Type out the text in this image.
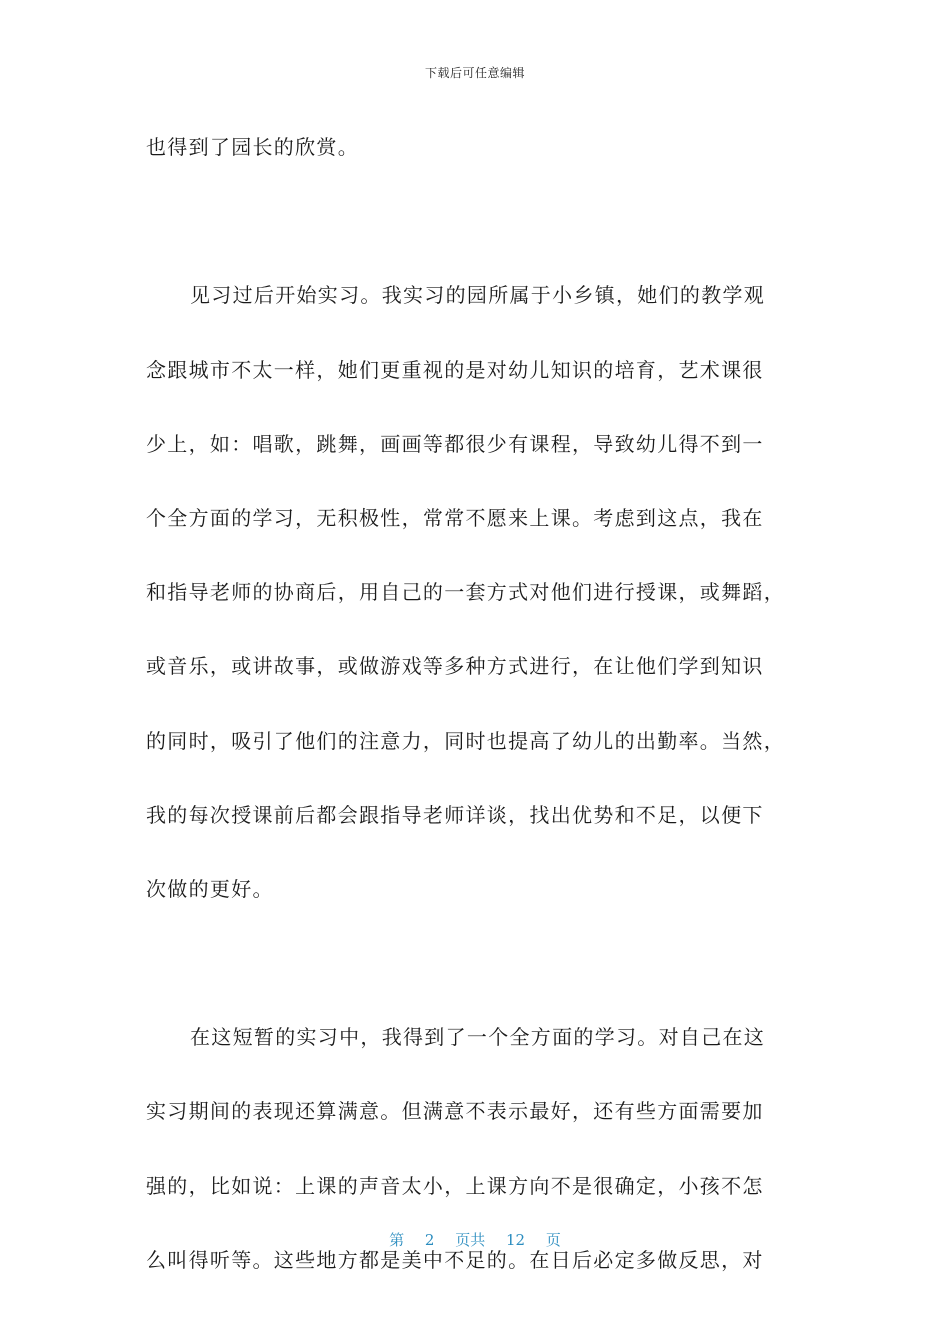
下载后可任意编辑
也得到了园长的欣赏。
见习过后开始实习。我实习的园所属于小乡镇，她们的教学观
念跟城市不太一样，她们更重视的是对幼儿知识的培育，艺术课很
少上，如：唱歌，跳舞，画画等都很少有课程，导致幼儿得不到一
个全方面的学习，无积极性，常常不愿来上课。考虑到这点，我在
和指导老师的协商后，用自己的一套方式对他们进行授课，或舞蹈，
或音乐，或讲故事，或做游戏等多种方式进行，在让他们学到知识
的同时，吸引了他们的注意力，同时也提高了幼儿的出勤率。当然，
我的每次授课前后都会跟指导老师详谈，找出优势和不足，以便下
次做的更好。
在这短暂的实习中，我得到了一个全方面的学习。对自己在这
实习期间的表现还算满意。但满意不表示最好，还有些方面需要加
强的，比如说：上课的声音太小，上课方向不是很确定，小孩不怎
么叫得听等。这些地方都是美中不足的。在日后必定多做反思，对
第 2 页共 12 页
